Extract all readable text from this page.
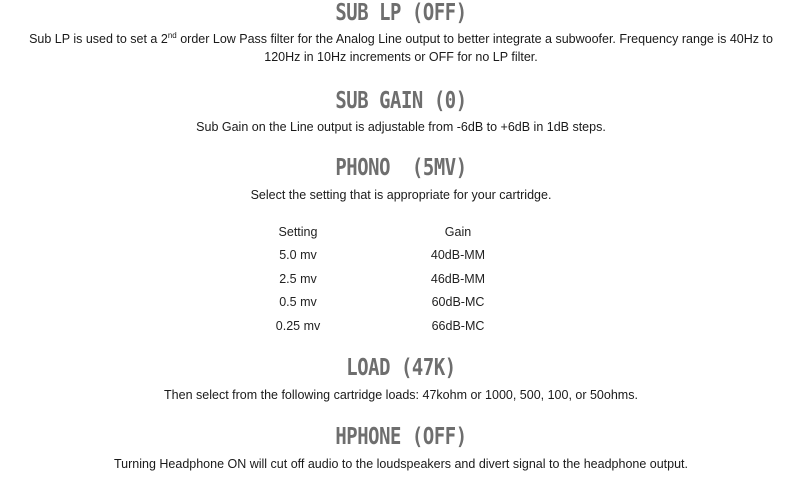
SUB LP (OFF)

Sub LP is used to set a 2nd order Low Pass filter for the Analog Line output to better integrate a subwoofer. Frequency range is 40Hz to 120Hz in 10Hz increments or OFF for no LP filter.

SUB GAIN (0)

Sub Gain on the Line output is adjustable from -6dB to +6dB in 1dB steps.

PHONO  (5MV)

Select the setting that is appropriate for your cartridge.

Setting	Gain
5.0 mv	40dB-MM
2.5 mv	46dB-MM
0.5 mv	60dB-MC
0.25 mv	66dB-MC
LOAD (47K)

Then select from the following cartridge loads: 47kohm or 1000, 500, 100, or 50ohms.

HPHONE (OFF)

Turning Headphone ON will cut off audio to the loudspeakers and divert signal to the headphone output.
